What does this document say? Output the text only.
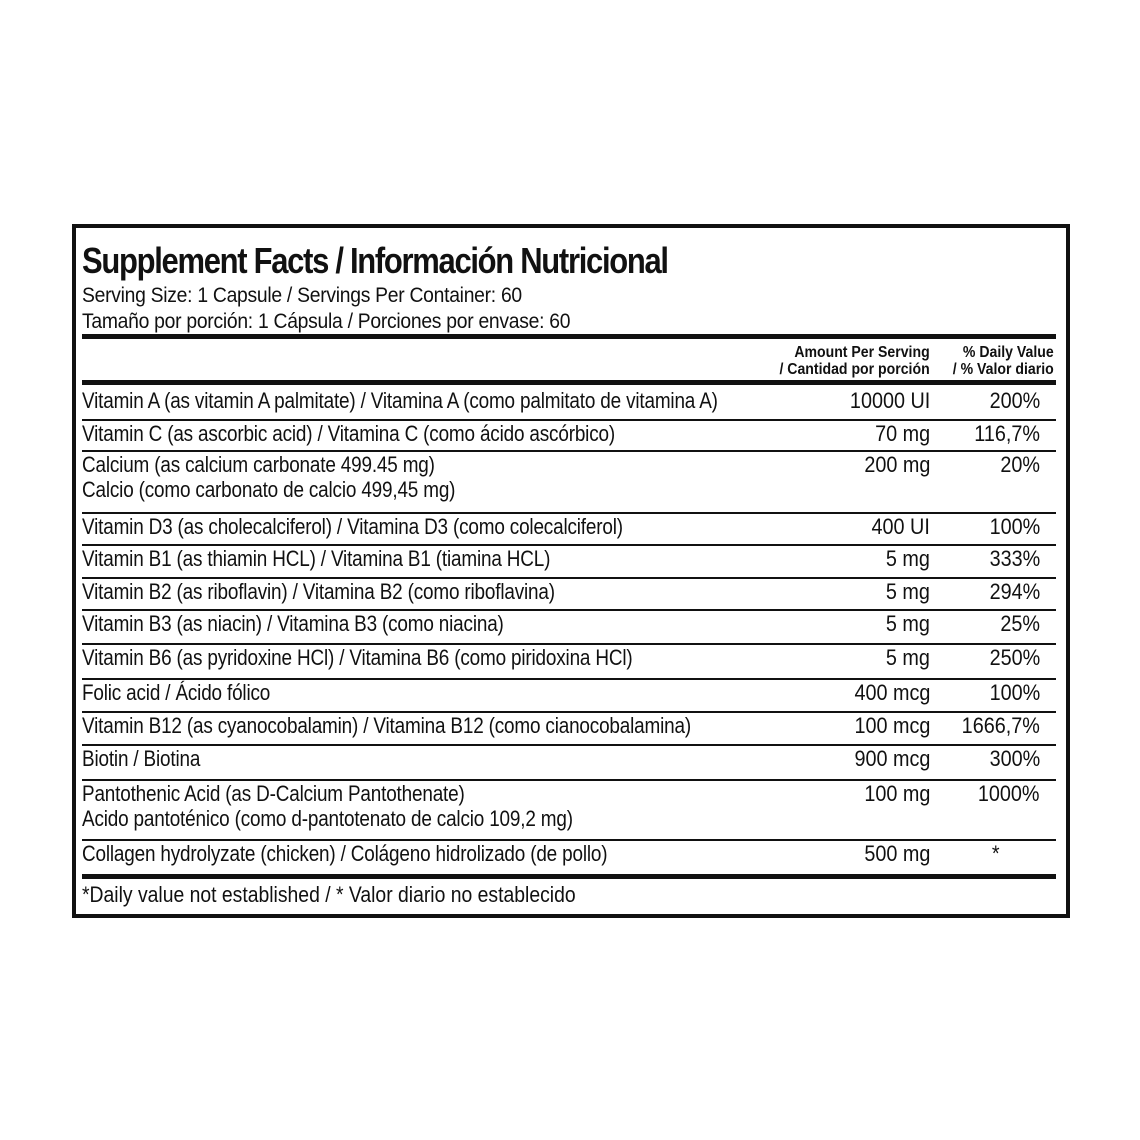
Supplement Facts / Información Nutricional
Serving Size: 1 Capsule / Servings Per Container: 60
Tamaño por porción: 1 Cápsula / Porciones por envase: 60
Amount Per Serving
/ Cantidad por porción
% Daily Value
/ % Valor diario
Vitamin A (as vitamin A palmitate) / Vitamina A (como palmitato de vitamina A)	10000 UI	200%
Vitamin C (as ascorbic acid) / Vitamina C (como ácido ascórbico)	70 mg 116,7%
Calcium (as calcium carbonate 499.45 mg)
Calcio (como carbonato de calcio 499,45 mg)
200 mg	20%
Vitamin D3 (as cholecalciferol) / Vitamina D3 (como colecalciferol)	400 UI	100%
Vitamin B1 (as thiamin HCL) / Vitamina B1 (tiamina HCL)	5 mg	333%
Vitamin B2 (as riboflavin) / Vitamina B2 (como riboflavina)	5 mg	294%
Vitamin B3 (as niacin) / Vitamina B3 (como niacina)	5 mg	25%
Vitamin B6 (as pyridoxine HCl) / Vitamina B6 (como piridoxina HCl)	5 mg	250%
Folic acid / Ácido fólico	400 mcg	100%
Vitamin B12 (as cyanocobalamin) / Vitamina B12 (como cianocobalamina)	100 mcg 1666,7%
Biotin / Biotina	900 mcg	300%
Pantothenic Acid (as D-Calcium Pantothenate)
Acido pantoténico (como d-pantotenato de calcio 109,2 mg)
100 mg 1000%
Collagen hydrolyzate (chicken) / Colágeno hidrolizado (de pollo)	500 mg	*
*Daily value not established / * Valor diario no establecido
